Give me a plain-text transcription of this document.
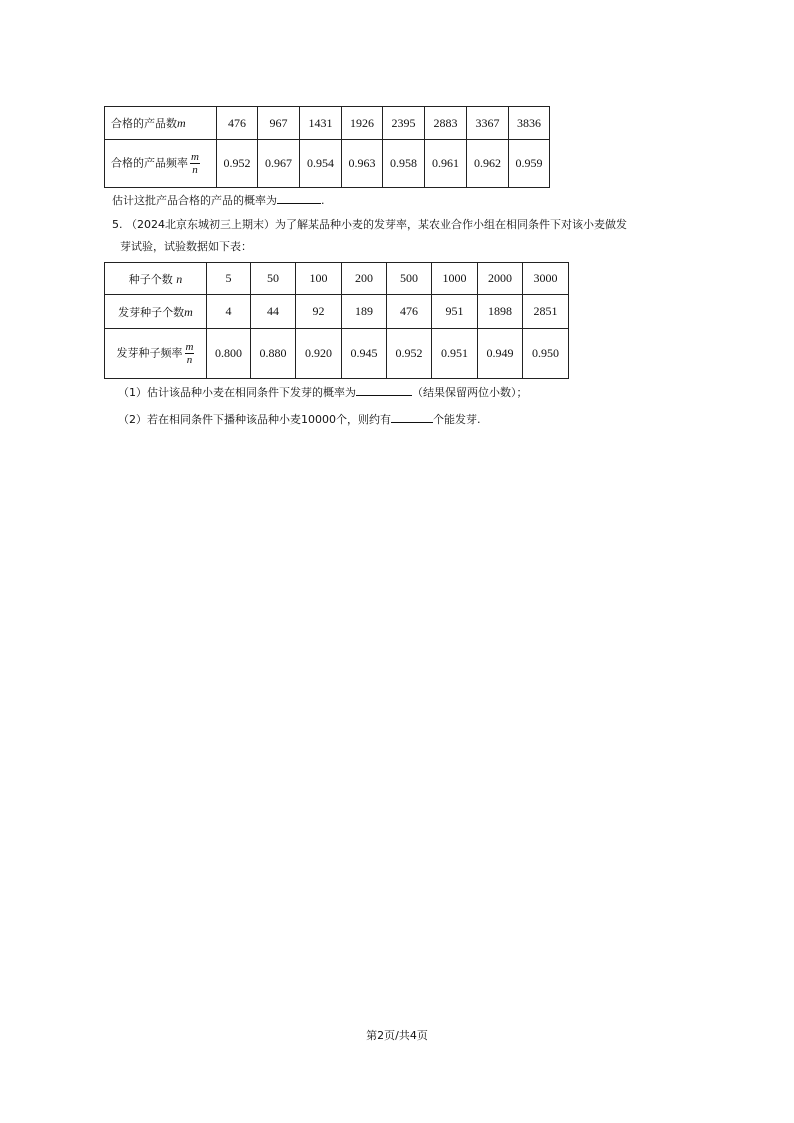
合格的产品数m	476	967	1431	1926	2395	2883	3367	3836
合格的产品频率 $\frac{m}{n}$	0.952	0.967	0.954	0.963	0.958	0.961	0.962	0.959
估计这批产品合格的产品的概率为	.
5. （2024北京东城初三上期末）为了解某品种小麦的发芽率，某农业合作小组在相同条件下对该小麦做发
芽试验，试验数据如下表：
种子个数 n	5	50	100	200	500	1000	2000	3000
发芽种子个数m	4	44	92	189	476	951	1898	2851
发芽种子频率 $\frac{m}{n}$	0.800	0.880	0.920	0.945	0.952	0.951	0.949	0.950
（1）估计该品种小麦在相同条件下发芽的概率为	（结果保留两位小数）；
（2）若在相同条件下播种该品种小麦10000个，则约有	个能发芽.
第2页/共4页
